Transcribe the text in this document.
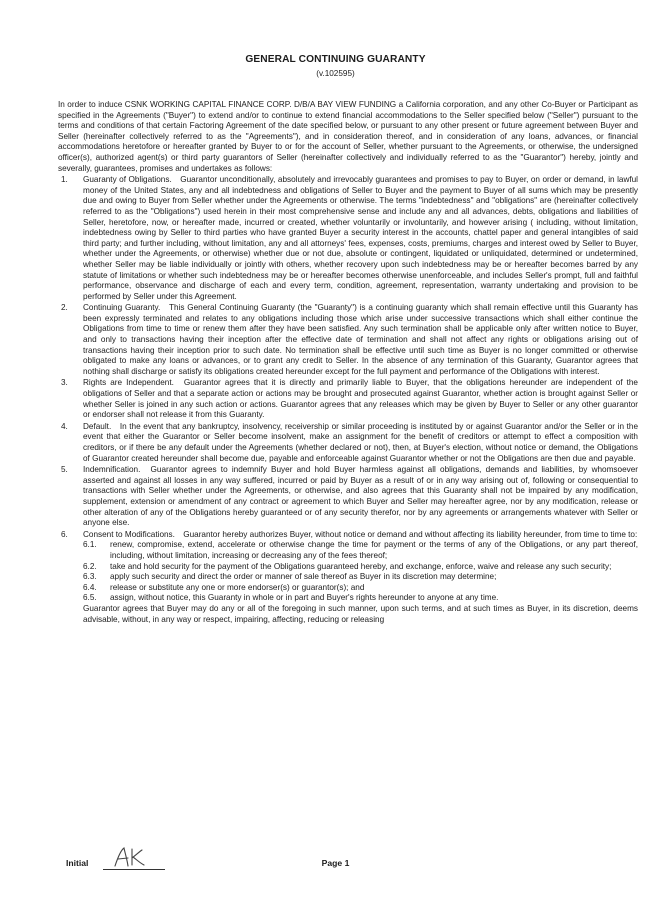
GENERAL CONTINUING GUARANTY
(v.102595)

In order to induce CSNK WORKING CAPITAL FINANCE CORP. D/B/A BAY VIEW FUNDING a California corporation, and any other Co-Buyer or Participant as specified in the Agreements ("Buyer") to extend and/or to continue to extend financial accommodations to the Seller specified below ("Seller") pursuant to the terms and conditions of that certain Factoring Agreement of the date specified below, or pursuant to any other present or future agreement between Buyer and Seller (hereinafter collectively referred to as the "Agreements"), and in consideration thereof, and in consideration of any loans, advances, or financial accommodations heretofore or hereafter granted by Buyer to or for the account of Seller, whether pursuant to the Agreements, or otherwise, the undersigned officer(s), authorized agent(s) or third party guarantors of Seller (hereinafter collectively and individually referred to as the "Guarantor") hereby, jointly and severally, guarantees, promises and undertakes as follows:

1. Guaranty of Obligations. Guarantor unconditionally, absolutely and irrevocably guarantees and promises to pay to Buyer, on order or demand, in lawful money of the United States, any and all indebtedness and obligations of Seller to Buyer and the payment to Buyer of all sums which may be presently due and owing to Buyer from Seller whether under the Agreements or otherwise. The terms "indebtedness" and "obligations" are (hereinafter collectively referred to as the "Obligations") used herein in their most comprehensive sense and include any and all advances, debts, obligations and liabilities of Seller, heretofore, now, or hereafter made, incurred or created, whether voluntarily or involuntarily, and however arising ( including, without limitation, indebtedness owing by Seller to third parties who have granted Buyer a security interest in the accounts, chattel paper and general intangibles of said third party; and further including, without limitation, any and all attorneys' fees, expenses, costs, premiums, charges and interest owed by Seller to Buyer, whether under the Agreements, or otherwise) whether due or not due, absolute or contingent, liquidated or unliquidated, determined or undetermined, whether Seller may be liable individually or jointly with others, whether recovery upon such indebtedness may be or hereafter becomes barred by any statute of limitations or whether such indebtedness may be or hereafter becomes otherwise unenforceable, and includes Seller's prompt, full and faithful performance, observance and discharge of each and every term, condition, agreement, representation, warranty undertaking and provision to be performed by Seller under this Agreement.

2. Continuing Guaranty. This General Continuing Guaranty (the "Guaranty") is a continuing guaranty which shall remain effective until this Guaranty has been expressly terminated and relates to any obligations including those which arise under successive transactions which shall either continue the Obligations from time to time or renew them after they have been satisfied. Any such termination shall be applicable only after written notice to Buyer, and only to transactions having their inception after the effective date of termination and shall not affect any rights or obligations arising out of transactions having their inception prior to such date. No termination shall be effective until such time as Buyer is no longer committed or otherwise obligated to make any loans or advances, or to grant any credit to Seller. In the absence of any termination of this Guaranty, Guarantor agrees that nothing shall discharge or satisfy its obligations created hereunder except for the full payment and performance of the Obligations with interest.

3. Rights are Independent. Guarantor agrees that it is directly and primarily liable to Buyer, that the obligations hereunder are independent of the obligations of Seller and that a separate action or actions may be brought and prosecuted against Guarantor, whether action is brought against Seller or whether Seller is joined in any such action or actions. Guarantor agrees that any releases which may be given by Buyer to Seller or any other guarantor or endorser shall not release it from this Guaranty.

4. Default. In the event that any bankruptcy, insolvency, receivership or similar proceeding is instituted by or against Guarantor and/or the Seller or in the event that either the Guarantor or Seller become insolvent, make an assignment for the benefit of creditors or attempt to effect a composition with creditors, or if there be any default under the Agreements (whether declared or not), then, at Buyer's election, without notice or demand, the Obligations of Guarantor created hereunder shall become due, payable and enforceable against Guarantor whether or not the Obligations are then due and payable.

5. Indemnification. Guarantor agrees to indemnify Buyer and hold Buyer harmless against all obligations, demands and liabilities, by whomsoever asserted and against all losses in any way suffered, incurred or paid by Buyer as a result of or in any way arising out of, following or consequential to transactions with Seller whether under the Agreements, or otherwise, and also agrees that this Guaranty shall not be impaired by any modification, supplement, extension or amendment of any contract or agreement to which Buyer and Seller may hereafter agree, nor by any modification, release or other alteration of any of the Obligations hereby guaranteed or of any security therefor, nor by any agreements or arrangements whatever with Seller or anyone else.

6. Consent to Modifications. Guarantor hereby authorizes Buyer, without notice or demand and without affecting its liability hereunder, from time to time to:

6.1. renew, compromise, extend, accelerate or otherwise change the time for payment or the terms of any of the Obligations, or any part thereof, including, without limitation, increasing or decreasing any of the fees thereof;
6.2. take and hold security for the payment of the Obligations guaranteed hereby, and exchange, enforce, waive and release any such security;
6.3. apply such security and direct the order or manner of sale thereof as Buyer in its discretion may determine;
6.4. release or substitute any one or more endorser(s) or guarantor(s); and
6.5. assign, without notice, this Guaranty in whole or in part and Buyer's rights hereunder to anyone at any time.

Guarantor agrees that Buyer may do any or all of the foregoing in such manner, upon such terms, and at such times as Buyer, in its discretion, deems advisable, without, in any way or respect, impairing, affecting, reducing or releasing

Initial	Page 1
